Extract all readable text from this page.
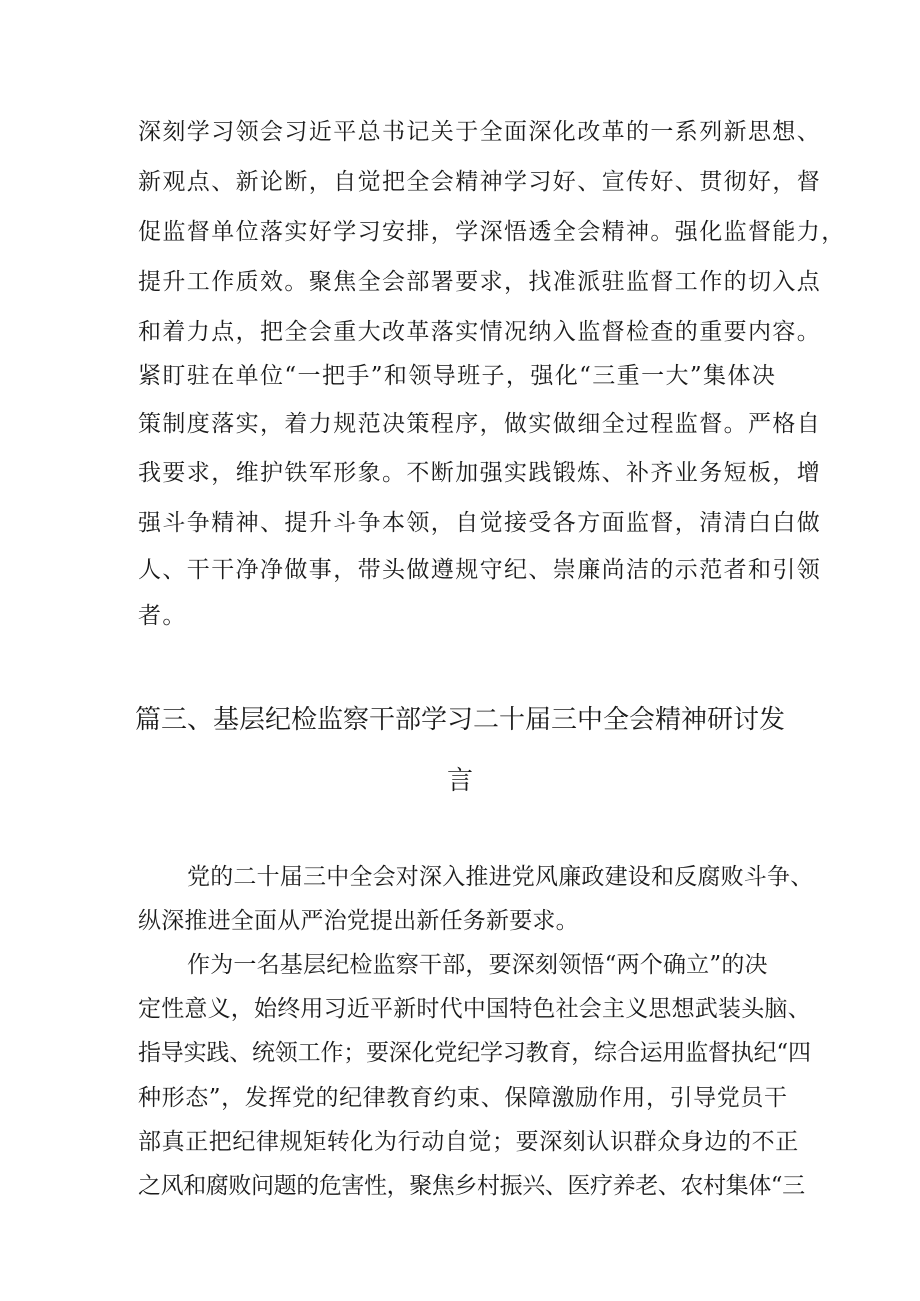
深刻学习领会习近平总书记关于全面深化改革的一系列新思想、
新观点、新论断，自觉把全会精神学习好、宣传好、贯彻好，督
促监督单位落实好学习安排，学深悟透全会精神。强化监督能力，
提升工作质效。聚焦全会部署要求，找准派驻监督工作的切入点
和着力点，把全会重大改革落实情况纳入监督检查的重要内容。
紧盯驻在单位“一把手”和领导班子，强化“三重一大”集体决
策制度落实，着力规范决策程序，做实做细全过程监督。严格自
我要求，维护铁军形象。不断加强实践锻炼、补齐业务短板，增
强斗争精神、提升斗争本领，自觉接受各方面监督，清清白白做
人、干干净净做事，带头做遵规守纪、崇廉尚洁的示范者和引领
者。
篇三、基层纪检监察干部学习二十届三中全会精神研讨发
言
党的二十届三中全会对深入推进党风廉政建设和反腐败斗争、
纵深推进全面从严治党提出新任务新要求。
作为一名基层纪检监察干部，要深刻领悟“两个确立”的决
定性意义，始终用习近平新时代中国特色社会主义思想武装头脑、
指导实践、统领工作；要深化党纪学习教育，综合运用监督执纪“四
种形态”，发挥党的纪律教育约束、保障激励作用，引导党员干
部真正把纪律规矩转化为行动自觉；要深刻认识群众身边的不正
之风和腐败问题的危害性，聚焦乡村振兴、医疗养老、农村集体“三
